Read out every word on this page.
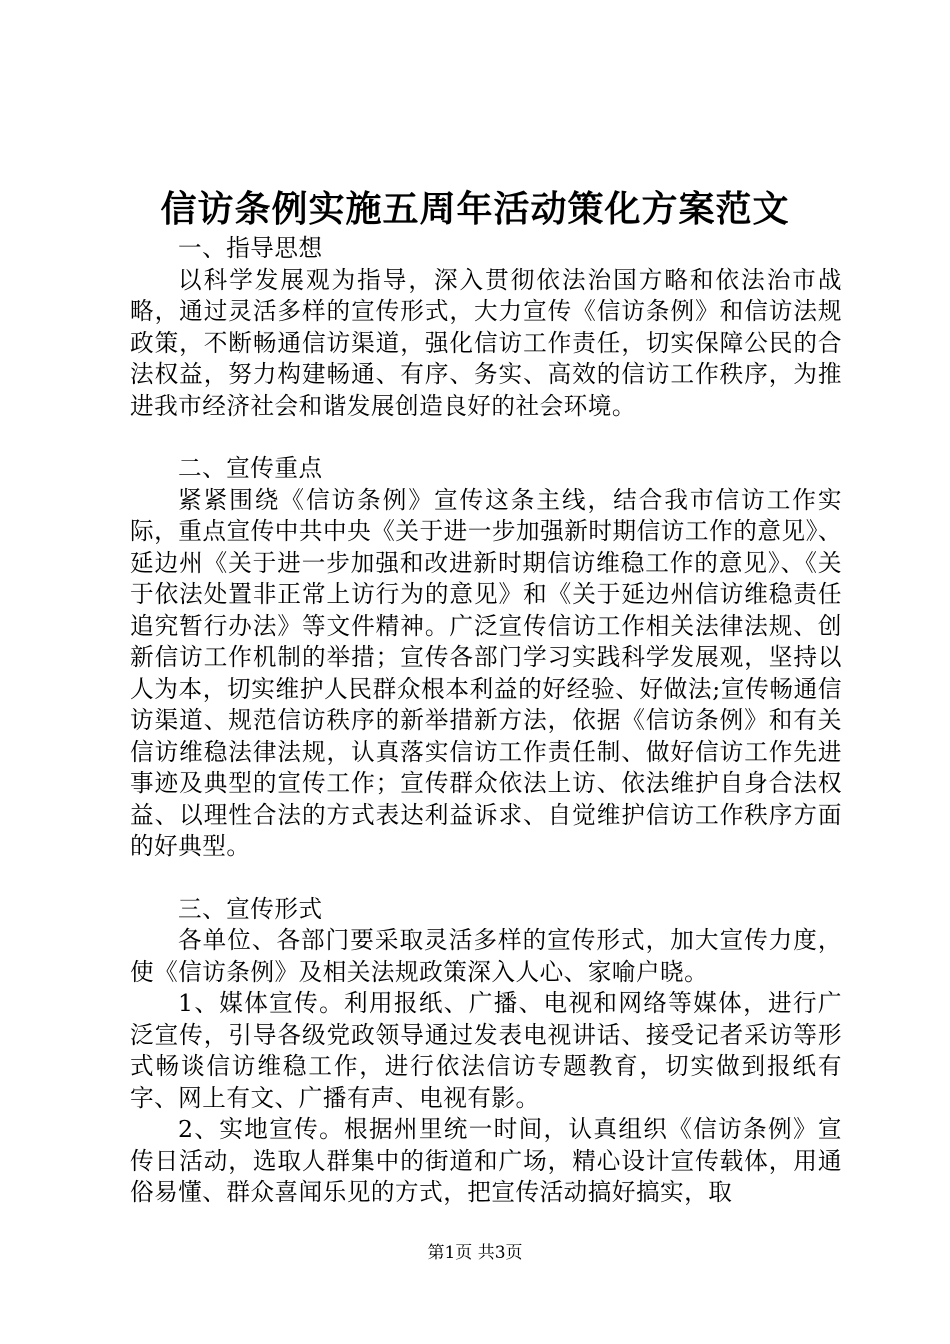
信访条例实施五周年活动策化方案范文

一、指导思想

以科学发展观为指导，深入贯彻依法治国方略和依法治市战略，通过灵活多样的宣传形式，大力宣传《信访条例》和信访法规政策，不断畅通信访渠道，强化信访工作责任，切实保障公民的合法权益，努力构建畅通、有序、务实、高效的信访工作秩序，为推进我市经济社会和谐发展创造良好的社会环境。

二、宣传重点

紧紧围绕《信访条例》宣传这条主线，结合我市信访工作实际，重点宣传中共中央《关于进一步加强新时期信访工作的意见》、延边州《关于进一步加强和改进新时期信访维稳工作的意见》、《关于依法处置非正常上访行为的意见》和《关于延边州信访维稳责任追究暂行办法》等文件精神。广泛宣传信访工作相关法律法规、创新信访工作机制的举措；宣传各部门学习实践科学发展观，坚持以人为本，切实维护人民群众根本利益的好经验、好做法;宣传畅通信访渠道、规范信访秩序的新举措新方法，依据《信访条例》和有关信访维稳法律法规，认真落实信访工作责任制、做好信访工作先进事迹及典型的宣传工作；宣传群众依法上访、依法维护自身合法权益、以理性合法的方式表达利益诉求、自觉维护信访工作秩序方面的好典型。

三、宣传形式

各单位、各部门要采取灵活多样的宣传形式，加大宣传力度，使《信访条例》及相关法规政策深入人心、家喻户晓。

1、媒体宣传。利用报纸、广播、电视和网络等媒体，进行广泛宣传，引导各级党政领导通过发表电视讲话、接受记者采访等形式畅谈信访维稳工作，进行依法信访专题教育，切实做到报纸有字、网上有文、广播有声、电视有影。

2、实地宣传。根据州里统一时间，认真组织《信访条例》宣传日活动，选取人群集中的街道和广场，精心设计宣传载体，用通俗易懂、群众喜闻乐见的方式，把宣传活动搞好搞实，取

第1页 共3页
